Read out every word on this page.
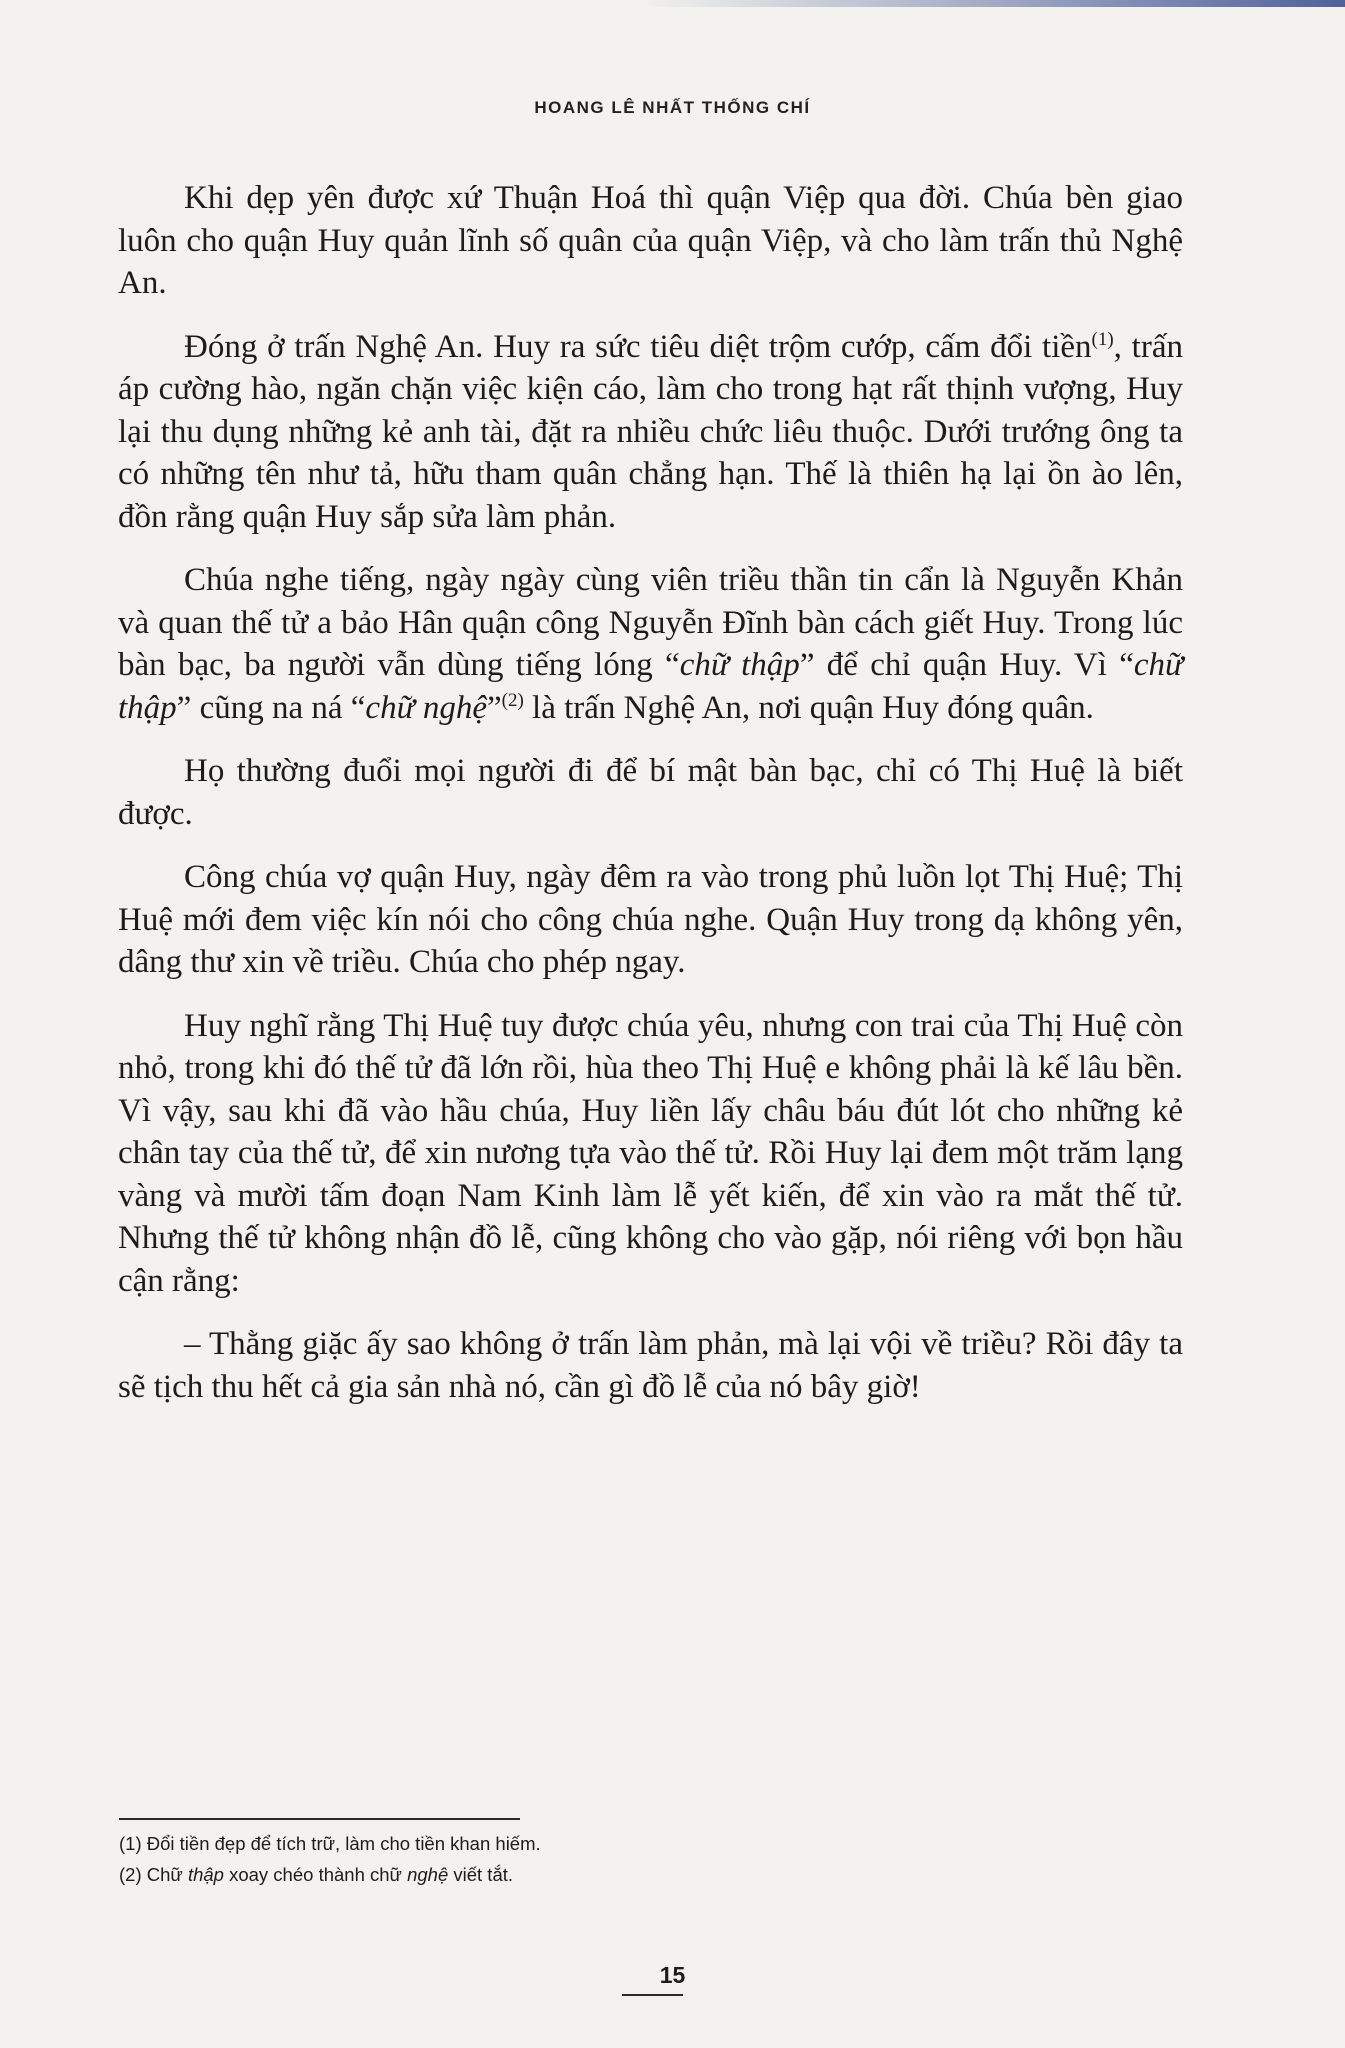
HOANG LÊ NHẤT THỐNG CHÍ

Khi dẹp yên được xứ Thuận Hoá thì quận Việp qua đời. Chúa bèn giao luôn cho quận Huy quản lĩnh số quân của quận Việp, và cho làm trấn thủ Nghệ An.

Đóng ở trấn Nghệ An. Huy ra sức tiêu diệt trộm cướp, cấm đổi tiền$^{(1)}$, trấn áp cường hào, ngăn chặn việc kiện cáo, làm cho trong hạt rất thịnh vượng, Huy lại thu dụng những kẻ anh tài, đặt ra nhiều chức liêu thuộc. Dưới trướng ông ta có những tên như tả, hữu tham quân chẳng hạn. Thế là thiên hạ lại ồn ào lên, đồn rằng quận Huy sắp sửa làm phản.

Chúa nghe tiếng, ngày ngày cùng viên triều thần tin cẩn là Nguyễn Khản và quan thế tử a bảo Hân quận công Nguyễn Đĩnh bàn cách giết Huy. Trong lúc bàn bạc, ba người vẫn dùng tiếng lóng “chữ thập” để chỉ quận Huy. Vì “chữ thập” cũng na ná “chữ nghệ”$^{(2)}$ là trấn Nghệ An, nơi quận Huy đóng quân.

Họ thường đuổi mọi người đi để bí mật bàn bạc, chỉ có Thị Huệ là biết được.

Công chúa vợ quận Huy, ngày đêm ra vào trong phủ luồn lọt Thị Huệ; Thị Huệ mới đem việc kín nói cho công chúa nghe. Quận Huy trong dạ không yên, dâng thư xin về triều. Chúa cho phép ngay.

Huy nghĩ rằng Thị Huệ tuy được chúa yêu, nhưng con trai của Thị Huệ còn nhỏ, trong khi đó thế tử đã lớn rồi, hùa theo Thị Huệ e không phải là kế lâu bền. Vì vậy, sau khi đã vào hầu chúa, Huy liền lấy châu báu đút lót cho những kẻ chân tay của thế tử, để xin nương tựa vào thế tử. Rồi Huy lại đem một trăm lạng vàng và mười tấm đoạn Nam Kinh làm lễ yết kiến, để xin vào ra mắt thế tử. Nhưng thế tử không nhận đồ lễ, cũng không cho vào gặp, nói riêng với bọn hầu cận rằng:

– Thằng giặc ấy sao không ở trấn làm phản, mà lại vội về triều? Rồi đây ta sẽ tịch thu hết cả gia sản nhà nó, cần gì đồ lễ của nó bây giờ!

(1) Đổi tiền đẹp để tích trữ, làm cho tiền khan hiếm.
(2) Chữ thập xoay chéo thành chữ nghệ viết tắt.
15
